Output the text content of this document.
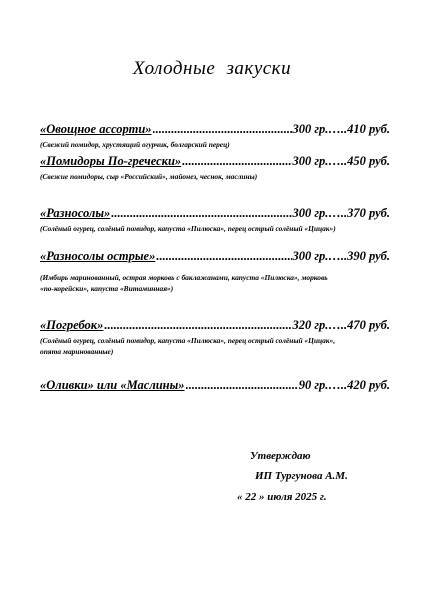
Холодные закуски
«Овощное ассорти» .....	300 гр.…..410 руб.
(Свежий помидор, хрустящий огурчик, болгарский перец)
«Помидоры По-гречески» .....	300 гр.…..450 руб.
(Свежие помидоры, сыр «Российский», майонез, чеснок, маслины)
«Разносолы» .....	300 гр.…..370 руб.
(Солёный огурец, солёный помидор, капуста «Пилюска», перец острый солёный «Цицак»)
«Разносолы острые» .....	300 гр.…..390 руб.
(Имбирь маринованный, острая морковь с баклажанами, капуста «Пилюска», морковь «по-корейски», капуста «Витаминная»)
«Погребок» .....	320 гр.…..470 руб.
(Солёный огурец, солёный помидор, капуста «Пилюска», перец острый солёный «Цицак», опята маринованные)
«Оливки» или «Маслины» .....	90 гр.…..420 руб.
Утверждаю
ИП Тургунова А.М.
« 22 » июля 2025 г.
